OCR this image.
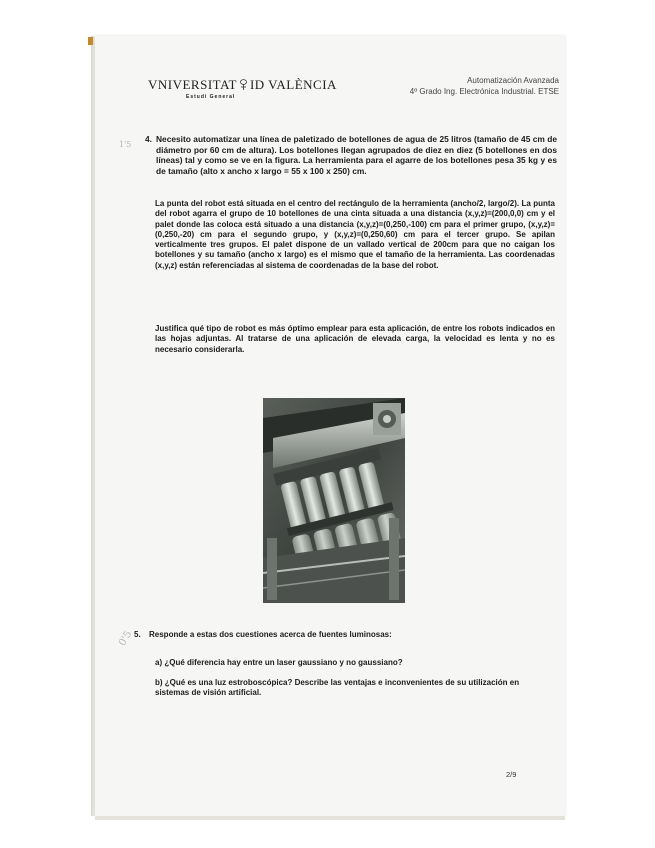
VNIVERSITAT ID VALÈNCIA
Estudi General
Automatización Avanzada
4º Grado Ing. Electrónica Industrial. ETSE
1'5
0'5
4. Necesito automatizar una línea de paletizado de botellones de agua de 25 litros (tamaño de 45 cm de diámetro por 60 cm de altura). Los botellones llegan agrupados de diez en diez (5 botellones en dos líneas) tal y como se ve en la figura. La herramienta para el agarre de los botellones pesa 35 kg y es de tamaño (alto x ancho x largo = 55 x 100 x 250) cm.
La punta del robot está situada en el centro del rectángulo de la herramienta (ancho/2, largo/2). La punta del robot agarra el grupo de 10 botellones de una cinta situada a una distancia (x,y,z)=(200,0,0) cm y el palet donde las coloca está situado a una distancia (x,y,z)=(0,250,-100) cm para el primer grupo, (x,y,z)=(0,250,-20) cm para el segundo grupo, y (x,y,z)=(0,250,60) cm para el tercer grupo. Se apilan verticalmente tres grupos. El palet dispone de un vallado vertical de 200cm para que no caigan los botellones y su tamaño (ancho x largo) es el mismo que el tamaño de la herramienta. Las coordenadas (x,y,z) están referenciadas al sistema de coordenadas de la base del robot.
Justifica qué tipo de robot es más óptimo emplear para esta aplicación, de entre los robots indicados en las hojas adjuntas. Al tratarse de una aplicación de elevada carga, la velocidad es lenta y no es necesario considerarla.
5. Responde a estas dos cuestiones acerca de fuentes luminosas:
a) ¿Qué diferencia hay entre un laser gaussiano y no gaussiano?
b) ¿Qué es una luz estroboscópica? Describe las ventajas e inconvenientes de su utilización en sistemas de visión artificial.
2/9
